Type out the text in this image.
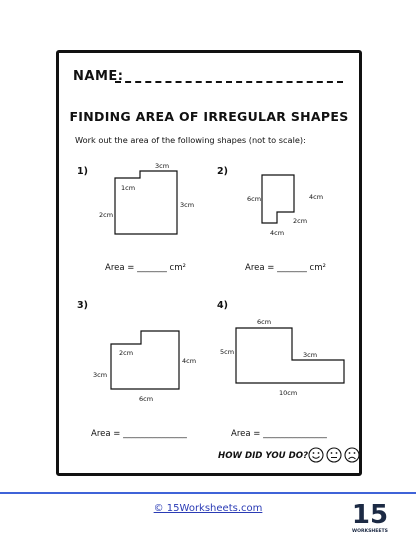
NAME:
FINDING AREA OF IRREGULAR SHAPES
Work out the area of the following shapes (not to scale):
1)	3cm
1cm
2cm
3cm
Area = _______ cm²
2)
6cm	4cm
2cm
4cm
Area = _______ cm²
3)
2cm
3cm
4cm
6cm
Area = _______________
4)
6cm
5cm	3cm
10cm
Area = _______________
HOW DID YOU DO?
© 15Worksheets.com	15
WORKSHEETS
